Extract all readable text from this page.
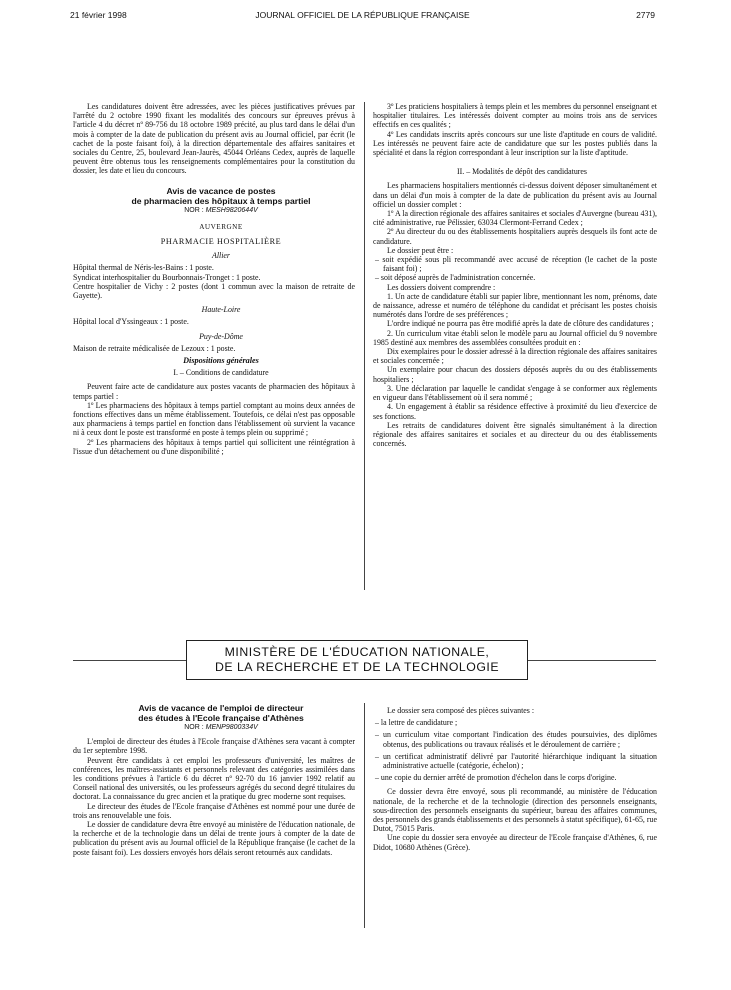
21 février 1998	JOURNAL OFFICIEL DE LA RÉPUBLIQUE FRANÇAISE	2779

Les candidatures doivent être adressées, avec les pièces justificatives prévues par l'arrêté du 2 octobre 1990 fixant les modalités des concours sur épreuves prévus à l'article 4 du décret nº 89-756 du 18 octobre 1989 précité, au plus tard dans le délai d'un mois à compter de la date de publication du présent avis au Journal officiel, par écrit (le cachet de la poste faisant foi), à la direction départementale des affaires sanitaires et sociales du Centre, 25, boulevard Jean-Jaurès, 45044 Orléans Cedex, auprès de laquelle peuvent être obtenus tous les renseignements complémentaires pour la constitution du dossier, les date et lieu du concours.

Avis de vacance de postes

de pharmacien des hôpitaux à temps partiel

NOR : MESH9820644V

AUVERGNE

PHARMACIE HOSPITALIÈRE

Allier

Hôpital thermal de Néris-les-Bains : 1 poste.

Syndicat interhospitalier du Bourbonnais-Tronget : 1 poste.

Centre hospitalier de Vichy : 2 postes (dont 1 commun avec la maison de retraite de Gayette).

Haute-Loire

Hôpital local d'Yssingeaux : 1 poste.

Puy-de-Dôme

Maison de retraite médicalisée de Lezoux : 1 poste.

Dispositions générales

I. – Conditions de candidature

Peuvent faire acte de candidature aux postes vacants de pharmacien des hôpitaux à temps partiel :

1º Les pharmaciens des hôpitaux à temps partiel comptant au moins deux années de fonctions effectives dans un même établissement. Toutefois, ce délai n'est pas opposable aux pharmaciens à temps partiel en fonction dans l'établissement où survient la vacance ni à ceux dont le poste est transformé en poste à temps plein ou supprimé ;

2º Les pharmaciens des hôpitaux à temps partiel qui sollicitent une réintégration à l'issue d'un détachement ou d'une disponibilité ;

3º Les praticiens hospitaliers à temps plein et les membres du personnel enseignant et hospitalier titulaires. Les intéressés doivent compter au moins trois ans de services effectifs en ces qualités ;

4º Les candidats inscrits après concours sur une liste d'aptitude en cours de validité. Les intéressés ne peuvent faire acte de candidature que sur les postes publiés dans la spécialité et dans la région correspondant à leur inscription sur la liste d'aptitude.

II. – Modalités de dépôt des candidatures

Les pharmaciens hospitaliers mentionnés ci-dessus doivent déposer simultanément et dans un délai d'un mois à compter de la date de publication du présent avis au Journal officiel un dossier complet :

1º A la direction régionale des affaires sanitaires et sociales d'Auvergne (bureau 431), cité administrative, rue Pélissier, 63034 Clermont-Ferrand Cedex ;

2º Au directeur du ou des établissements hospitaliers auprès desquels ils font acte de candidature.

Le dossier peut être :

– soit expédié sous pli recommandé avec accusé de réception (le cachet de la poste faisant foi) ;

– soit déposé auprès de l'administration concernée.

Les dossiers doivent comprendre :

1. Un acte de candidature établi sur papier libre, mentionnant les nom, prénoms, date de naissance, adresse et numéro de téléphone du candidat et précisant les postes choisis numérotés dans l'ordre de ses préférences ;

L'ordre indiqué ne pourra pas être modifié après la date de clôture des candidatures ;

2. Un curriculum vitae établi selon le modèle paru au Journal officiel du 9 novembre 1985 destiné aux membres des assemblées consultées produit en :

Dix exemplaires pour le dossier adressé à la direction régionale des affaires sanitaires et sociales concernée ;

Un exemplaire pour chacun des dossiers déposés auprès du ou des établissements hospitaliers ;

3. Une déclaration par laquelle le candidat s'engage à se conformer aux règlements en vigueur dans l'établissement où il sera nommé ;

4. Un engagement à établir sa résidence effective à proximité du lieu d'exercice de ses fonctions.

Les retraits de candidatures doivent être signalés simultanément à la direction régionale des affaires sanitaires et sociales et au directeur du ou des établissements concernés.

MINISTÈRE DE L'ÉDUCATION NATIONALE,
DE LA RECHERCHE ET DE LA TECHNOLOGIE

Avis de vacance de l'emploi de directeur

des études à l'Ecole française d'Athènes

NOR : MENP9800334V

L'emploi de directeur des études à l'Ecole française d'Athènes sera vacant à compter du 1er septembre 1998.

Peuvent être candidats à cet emploi les professeurs d'université, les maîtres de conférences, les maîtres-assistants et personnels relevant des catégories assimilées dans les conditions prévues à l'article 6 du décret nº 92-70 du 16 janvier 1992 relatif au Conseil national des universités, ou les professeurs agrégés du second degré titulaires du doctorat. La connaissance du grec ancien et la pratique du grec moderne sont requises.

Le directeur des études de l'Ecole française d'Athènes est nommé pour une durée de trois ans renouvelable une fois.

Le dossier de candidature devra être envoyé au ministère de l'éducation nationale, de la recherche et de la technologie dans un délai de trente jours à compter de la date de publication du présent avis au Journal officiel de la République française (le cachet de la poste faisant foi). Les dossiers envoyés hors délais seront retournés aux candidats.

Le dossier sera composé des pièces suivantes :

– la lettre de candidature ;

– un curriculum vitae comportant l'indication des études poursuivies, des diplômes obtenus, des publications ou travaux réalisés et le déroulement de carrière ;

– un certificat administratif délivré par l'autorité hiérarchique indiquant la situation administrative actuelle (catégorie, échelon) ;

– une copie du dernier arrêté de promotion d'échelon dans le corps d'origine.

Ce dossier devra être envoyé, sous pli recommandé, au ministère de l'éducation nationale, de la recherche et de la technologie (direction des personnels enseignants, sous-direction des personnels enseignants du supérieur, bureau des affaires communes, des personnels des grands établissements et des personnels à statut spécifique), 61-65, rue Dutot, 75015 Paris.

Une copie du dossier sera envoyée au directeur de l'Ecole française d'Athènes, 6, rue Didot, 10680 Athènes (Grèce).
